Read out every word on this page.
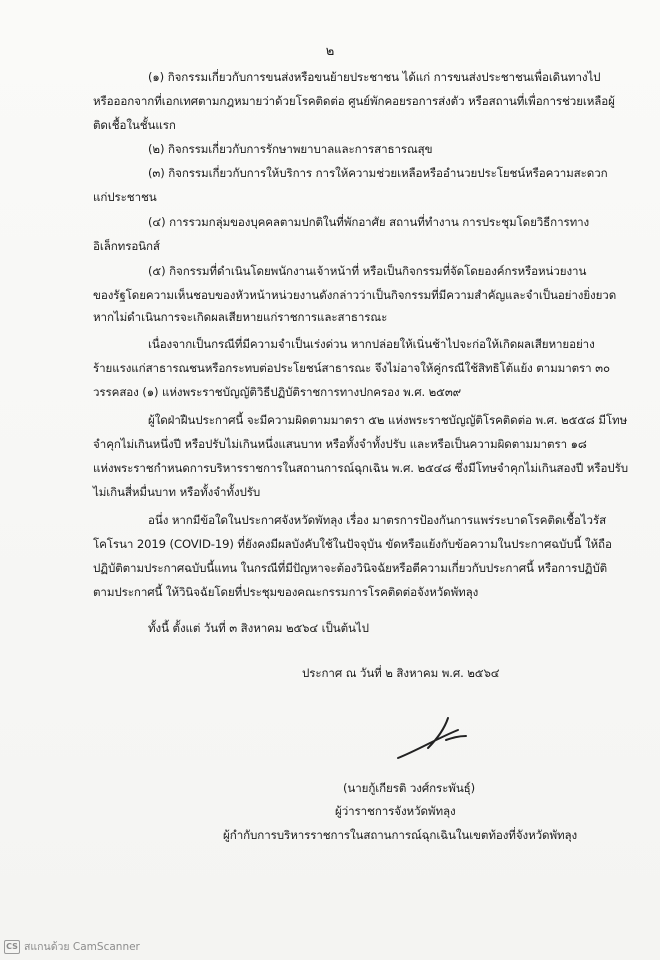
๒
(๑) กิจกรรมเกี่ยวกับการขนส่งหรือขนย้ายประชาชน ได้แก่ การขนส่งประชาชนเพื่อเดินทางไป
หรือออกจากที่เอกเทศตามกฎหมายว่าด้วยโรคติดต่อ ศูนย์พักคอยรอการส่งตัว หรือสถานที่เพื่อการช่วยเหลือผู้
ติดเชื้อในชั้นแรก
(๒) กิจกรรมเกี่ยวกับการรักษาพยาบาลและการสาธารณสุข
(๓) กิจกรรมเกี่ยวกับการให้บริการ การให้ความช่วยเหลือหรืออำนวยประโยชน์หรือความสะดวก
แก่ประชาชน
(๔) การรวมกลุ่มของบุคคลตามปกติในที่พักอาศัย สถานที่ทำงาน การประชุมโดยวิธีการทาง
อิเล็กทรอนิกส์
(๕) กิจกรรมที่ดำเนินโดยพนักงานเจ้าหน้าที่ หรือเป็นกิจกรรมที่จัดโดยองค์กรหรือหน่วยงาน
ของรัฐโดยความเห็นชอบของหัวหน้าหน่วยงานดังกล่าวว่าเป็นกิจกรรมที่มีความสำคัญและจำเป็นอย่างยิ่งยวด
หากไม่ดำเนินการจะเกิดผลเสียหายแก่ราชการและสาธารณะ
เนื่องจากเป็นกรณีที่มีความจำเป็นเร่งด่วน หากปล่อยให้เนิ่นช้าไปจะก่อให้เกิดผลเสียหายอย่าง
ร้ายแรงแก่สาธารณชนหรือกระทบต่อประโยชน์สาธารณะ จึงไม่อาจให้คู่กรณีใช้สิทธิโต้แย้ง ตามมาตรา ๓๐
วรรคสอง (๑) แห่งพระราชบัญญัติวิธีปฏิบัติราชการทางปกครอง พ.ศ. ๒๕๓๙
ผู้ใดฝ่าฝืนประกาศนี้ จะมีความผิดตามมาตรา ๕๒ แห่งพระราชบัญญัติโรคติดต่อ พ.ศ. ๒๕๕๘ มีโทษ
จำคุกไม่เกินหนึ่งปี หรือปรับไม่เกินหนึ่งแสนบาท หรือทั้งจำทั้งปรับ และหรือเป็นความผิดตามมาตรา ๑๘
แห่งพระราชกำหนดการบริหารราชการในสถานการณ์ฉุกเฉิน พ.ศ. ๒๕๔๘ ซึ่งมีโทษจำคุกไม่เกินสองปี หรือปรับ
ไม่เกินสี่หมื่นบาท หรือทั้งจำทั้งปรับ
อนึ่ง หากมีข้อใดในประกาศจังหวัดพัทลุง เรื่อง มาตรการป้องกันการแพร่ระบาดโรคติดเชื้อไวรัส
โคโรนา 2019 (COVID-19) ที่ยังคงมีผลบังคับใช้ในปัจจุบัน ขัดหรือแย้งกับข้อความในประกาศฉบับนี้ ให้ถือ
ปฏิบัติตามประกาศฉบับนี้แทน ในกรณีที่มีปัญหาจะต้องวินิจฉัยหรือตีความเกี่ยวกับประกาศนี้ หรือการปฏิบัติ
ตามประกาศนี้ ให้วินิจฉัยโดยที่ประชุมของคณะกรรมการโรคติดต่อจังหวัดพัทลุง
ทั้งนี้ ตั้งแต่ วันที่ ๓ สิงหาคม ๒๕๖๔ เป็นต้นไป
ประกาศ ณ วันที่ ๒ สิงหาคม พ.ศ. ๒๕๖๔
(นายกู้เกียรติ วงศ์กระพันธุ์)
ผู้ว่าราชการจังหวัดพัทลุง
ผู้กำกับการบริหารราชการในสถานการณ์ฉุกเฉินในเขตท้องที่จังหวัดพัทลุง
CS สแกนด้วย CamScanner
